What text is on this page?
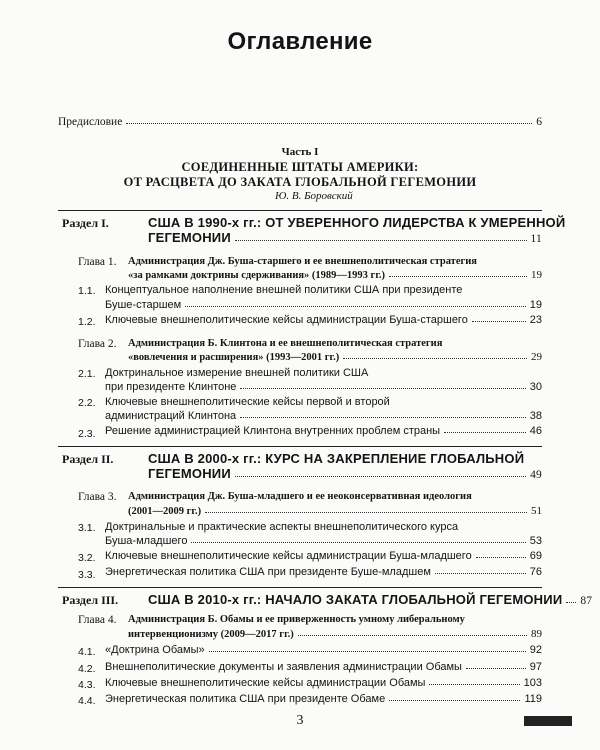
Оглавление
Предисловие	6
Часть I
СОЕДИНЕННЫЕ ШТАТЫ АМЕРИКИ:
ОТ РАСЦВЕТА ДО ЗАКАТА ГЛОБАЛЬНОЙ ГЕГЕМОНИИ
Ю. В. Боровский
Раздел I.	США В 1990-х гг.: ОТ УВЕРЕННОГО ЛИДЕРСТВА К УМЕРЕННОЙ
ГЕГЕМОНИИ	11
Глава 1. Администрация Дж. Буша-старшего и ее внешнеполитическая стратегия
«за рамками доктрины сдерживания» (1989—1993 гг.)	19
1.1. Концептуальное наполнение внешней политики США при президенте
Буше-старшем	19
1.2. Ключевые внешнеполитические кейсы администрации Буша-старшего	23
Глава 2. Администрация Б. Клинтона и ее внешнеполитическая стратегия
«вовлечения и расширения» (1993—2001 гг.)	29
2.1. Доктринальное измерение внешней политики США
при президенте Клинтоне	30
2.2. Ключевые внешнеполитические кейсы первой и второй
администраций Клинтона	38
2.3. Решение администрацией Клинтона внутренних проблем страны	46
Раздел II.	США В 2000-х гг.: КУРС НА ЗАКРЕПЛЕНИЕ ГЛОБАЛЬНОЙ
ГЕГЕМОНИИ	49
Глава 3. Администрация Дж. Буша-младшего и ее неоконсервативная идеология
(2001—2009 гг.)	51
3.1. Доктринальные и практические аспекты внешнеполитического курса
Буша-младшего	53
3.2. Ключевые внешнеполитические кейсы администрации Буша-младшего	69
3.3. Энергетическая политика США при президенте Буше-младшем	76
Раздел III. США В 2010-х гг.: НАЧАЛО ЗАКАТА ГЛОБАЛЬНОЙ ГЕГЕМОНИИ 87
Глава 4. Администрация Б. Обамы и ее приверженность умному либеральному
интервенционизму (2009—2017 гг.)	89
4.1. «Доктрина Обамы»	92
4.2. Внешнеполитические документы и заявления администрации Обамы	97
4.3. Ключевые внешнеполитические кейсы администрации Обамы	103
4.4. Энергетическая политика США при президенте Обаме	119
3
